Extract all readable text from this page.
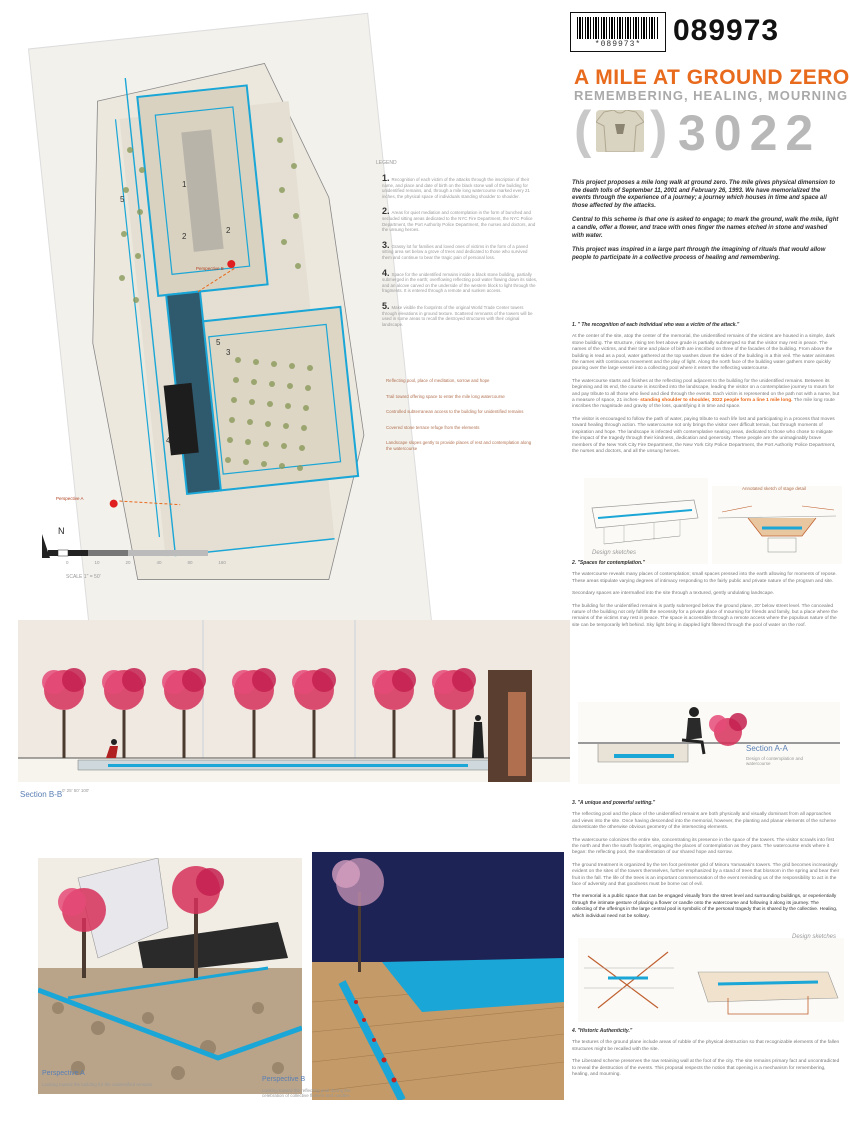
*089973*	089973
A MILE AT GROUND ZERO
REMEMBERING, HEALING, MOURNING
( ) 3022

This project proposes a mile long walk at ground zero. The mile gives physical dimension to the death tolls of September 11, 2001 and February 26, 1993. We have memorialized the events through the experience of a journey; a journey which houses in time and space all those affected by the attacks.

Central to this scheme is that one is asked to engage; to mark the ground, walk the mile, light a candle, offer a flower, and trace with ones finger the names etched in stone and washed with water.

This project was inspired in a large part through the imagining of rituals that would allow people to participate in a collective process of healing and remembering.

1. " The recognition of each individual who was a victim of the attack."

At the center of the site, atop the center of the memorial, the unidentified remains of the victims are housed in a simple, dark stone building. The structure, rising ten feet above grade is partially submerged so that the visitor may rest in peace. The names of the victims, and their time and place of birth are inscribed on three of the facades of the building. From above the building is read as a pool, water gathered at the top washes down the sides of the building in a thin veil. The water animates the names with continuous movement and the play of light. Along the north face of the building water gathers more quickly pouring over the large vessel into a collecting pool where it enters the reflecting watercourse.

The watercourse starts and finishes at the reflecting pool adjacent to the building for the unidentified remains. Between its beginning and its end, the course is inscribed into the landscape, leading the visitor on a contemplative journey to mourn for and pay tribute to all those who lived and died through the events. Each victim is represented on the path not with a name, but a measure of space, 21 inches- standing shoulder to shoulder, 3022 people form a line 1 mile long. The mile long route inscribes the magnitude and gravity of the loss, quantifying it in time and space.

The visitor is encouraged to follow the path of water, paying tribute to each life lost and participating in a process that moves toward healing through action. The watercourse not only brings the visitor over difficult terrain, but through moments of inspiration and hope. The landscape is infected with contemplative seating areas, dedicated to those who chose to mitigate the impact of the tragedy through their kindness, dedication and generosity. These people are the unimaginably brave members of the New York City Fire Department, the New York City Police Department, the Port Authority Police Department, the nurses and doctors, and all the unsung heroes.

Design sketches
Annotated sketch of stage detail

2. "Spaces for contemplation."

The watercourse reveals many places of contemplation; small spaces pressed into the earth allowing for moments of repose. These areas stipulate varying degrees of intimacy responding to the fairly public and private nature of the program and site.

Secondary spaces are intermalled into the site through a textured, gently undulating landscape.

The building for the unidentified remains is partly submerged below the ground plane, 20' below street level. The concealed nature of the building not only fulfills the necessity for a private place of mourning for friends and family, but a place where the remains of the victims may rest in peace. The space is accessible through a remote access where the populous nature of the site can be temporarily left behind. Sky light bring in dappled light filtered through the pool of water on the roof.

Section A-A
Design of contemplation and watercourse

3. "A unique and powerful setting."

The reflecting pool and the place of the unidentified remains are both physically and visually dominant from all approaches and views into the site. Once having descended into the memorial, however, the planting and planar elements of the scheme domesticate the otherwise obvious geometry of the intersecting elements.

The watercourse colonizes the entire site, concentrating its presence in the space of the towers. The visitor scrawls into first the north and then the south footprint, engaging the places of contemplation as they pass. The watercourse ends where it began: the reflecting pool, the manifestation of our shared hope and sorrow.

The ground treatment is organized by the ten foot perimeter grid of Minoru Yamasaki's towers. The grid becomes increasingly evident on the sites of the towers themselves, further emphasized by a stand of trees that blossom in the spring and bear their fruit in the fall. The life of the trees is an important commemoration of the event reminding us of the responsibility to act in the face of adversity and that goodness must be borne out of evil.

The memorial is a public space that can be engaged visually from the street level and surrounding buildings, or experientially through the intimate gesture of placing a flower or candle onto the watercourse and following it along its journey. The collecting of the offerings in the large central pool is symbolic of the personal tragedy that is shared by the collective. Healing, which individual need not be solitary.

Design sketches

4. "Historic Authenticity."

The textures of the ground plane include areas of rubble of the physical destruction so that recognizable elements of the fallen structures might be recalled with the site.

The Liberated scheme preserves the raw retaining wall at the foot of the city. The site remains primary fact and uncontradicted to reveal the destruction of the events. This proposal respects the notion that opening is a mechanism for remembering, healing, and mourning.

1
2
2
3
4
5
5
Perspective B
Perspective A
N
0	10	20	40	80	160
SCALE 1" = 50'
LEGEND
1. Recognition of each victim of the attacks through the inscription of their name, and place and date of birth on the black stone wall of the building for unidentified remains, and, through a mile long watercourse marked every 21 inches, the physical space of individuals standing shoulder to shoulder.
2. Areas for quiet mediation and contemplation in the form of bunched and secluded sitting areas dedicated to the NYC Fire Department, the NYC Police Department, the Port Authority Police Department, the nurses and doctors, and the unsung heroes.
3. Grassy lot for families and loved ones of victims in the form of a paved sitting area set below a grove of trees and dedicated to those who survived them and continue to bear the tragic pain of personal loss.
4. Space for the unidentified remains inside a black stone building, partially submerged in the earth; overflowing reflecting pool water flowing down its sides, and an alcove carved on the underside of the western block to light through the fragments. It is entered through a remote and sunken access.
5. Make visible the footprints of the original World Trade Center towers through elevations in ground texture. Scattered remnants of the towers will be used in some areas to recall the destroyed structures with their original landscape.
Reflecting pool, place of meditation, sorrow and hope
Trail toward offering space to enter the mile long watercourse
Controlled subterranean access to the building for unidentified remains
Covered stone terrace refuge from the elements
Landscape slopes gently to provide places of rest and contemplation along the watercourse
Section B-B 0' 25' 50' 100'
Perspective A
Looking toward the building for the unidentified remains
Perspective B
Looking toward the reflecting pool during the celebration of collective flowers and candles
